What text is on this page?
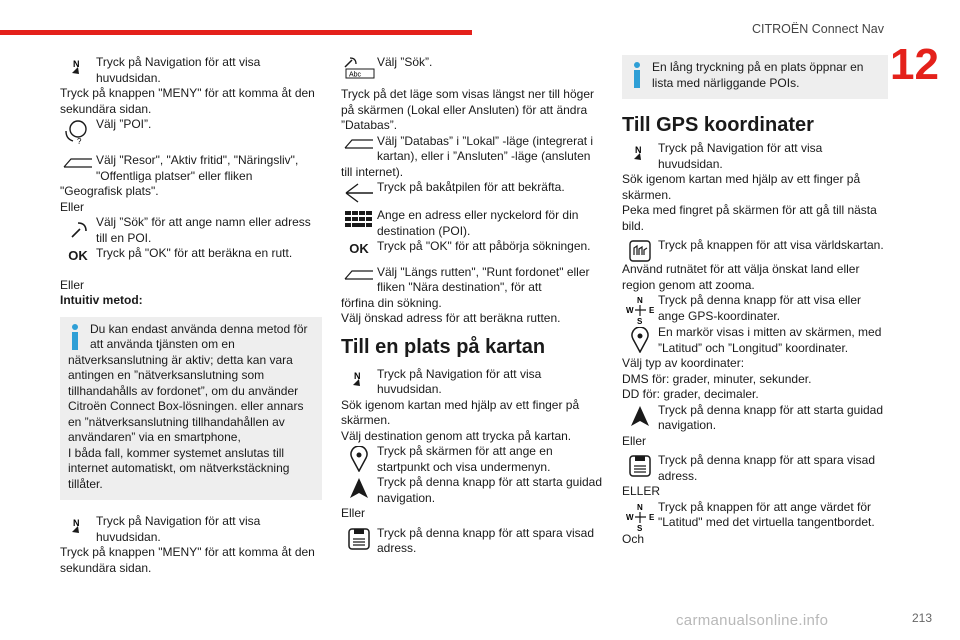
CITROËN Connect Nav
12
N Tryck på Navigation för att visa huvudsidan.

Tryck på knappen "MENY" för att komma åt den sekundära sidan.

?

Välj ”POI”.

Välj "Resor", "Aktiv fritid", "Näringsliv", "Offentliga platser" eller fliken

"Geografisk plats".

Eller

Välj ”Sök” för att ange namn eller adress till en POI.

OK Tryck på "OK" för att beräkna en rutt.

Eller

Intuitiv metod:

Du kan endast använda denna metod för att använda tjänsten om en

nätverksanslutning är aktiv; detta kan vara antingen en ”nätverksanslutning som tillhandahålls av fordonet”, om du använder Citroën Connect Box-lösningen. eller annars en ”nätverksanslutning tillhandahållen av användaren” via en smartphone,

I båda fall, kommer systemet anslutas till internet automatiskt, om nätverkstäckning tillåter.

N Tryck på Navigation för att visa huvudsidan.

Tryck på knappen "MENY" för att komma åt den sekundära sidan.

Abc

Välj ”Sök”.

Tryck på det läge som visas längst ner till höger på skärmen (Lokal eller Ansluten) för att ändra ”Databas”.

Välj ”Databas” i ”Lokal” -läge (integrerat i kartan), eller i ”Ansluten” -läge (ansluten

till internet).

Tryck på bakåtpilen för att bekräfta.

Ange en adress eller nyckelord för din destination (POI).

OK Tryck på "OK" för att påbörja sökningen.

Välj "Längs rutten", "Runt fordonet" eller fliken "Nära destination", för att

förfina din sökning.

Välj önskad adress för att beräkna rutten.

Till en plats på kartan
N Tryck på Navigation för att visa huvudsidan.

Sök igenom kartan med hjälp av ett finger på skärmen.

Välj destination genom att trycka på kartan.

Tryck på skärmen för att ange en startpunkt och visa undermenyn.

Tryck på denna knapp för att starta guidad navigation.

Eller

Tryck på denna knapp för att spara visad adress.

En lång tryckning på en plats öppnar en lista med närliggande POIs.

Till GPS koordinater
N Tryck på Navigation för att visa huvudsidan.

Sök igenom kartan med hjälp av ett finger på skärmen.

Peka med fingret på skärmen för att gå till nästa bild.

Tryck på knappen för att visa världskartan.

Använd rutnätet för att välja önskat land eller region genom att zooma.

N
W E
S

Tryck på denna knapp för att visa eller ange GPS-koordinater.

En markör visas i mitten av skärmen, med ”Latitud” och ”Longitud” koordinater.

Välj typ av koordinater:

DMS för: grader, minuter, sekunder.

DD för: grader, decimaler.

Tryck på denna knapp för att starta guidad navigation.

Eller

Tryck på denna knapp för att spara visad adress.

ELLER

N
W E
S

Tryck på knappen för att ange värdet för "Latitud" med det virtuella tangentbordet.

Och

carmanualsonline.info	213
